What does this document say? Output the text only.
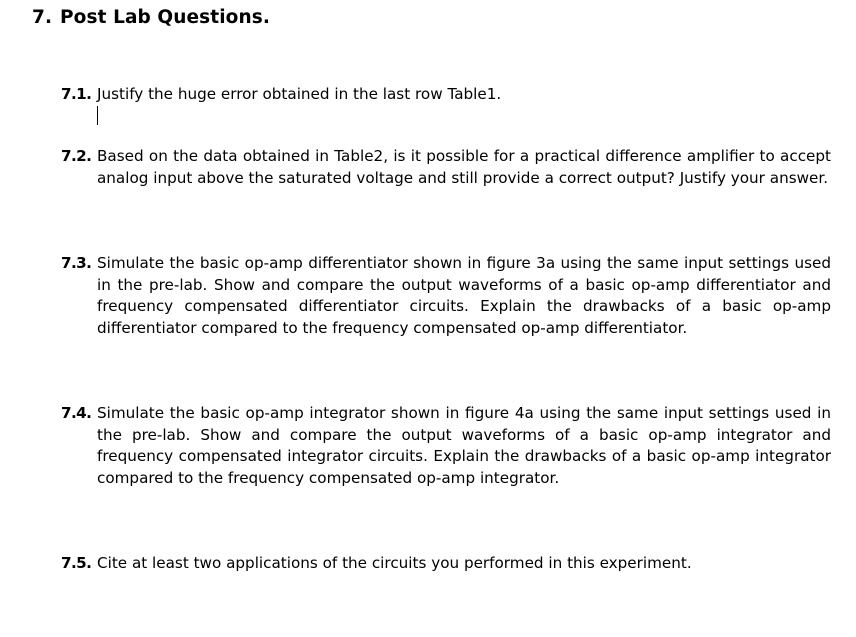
7. Post Lab Questions.
7.1. Justify the huge error obtained in the last row Table1.
7.2. Based on the data obtained in Table2, is it possible for a practical difference amplifier to accept analog input above the saturated voltage and still provide a correct output? Justify your answer.
7.3. Simulate the basic op-amp differentiator shown in figure 3a using the same input settings used in the pre-lab. Show and compare the output waveforms of a basic op-amp differentiator and frequency compensated differentiator circuits. Explain the drawbacks of a basic op-amp differentiator compared to the frequency compensated op-amp differentiator.
7.4. Simulate the basic op-amp integrator shown in figure 4a using the same input settings used in the pre-lab. Show and compare the output waveforms of a basic op-amp integrator and frequency compensated integrator circuits. Explain the drawbacks of a basic op-amp integrator compared to the frequency compensated op-amp integrator.
7.5. Cite at least two applications of the circuits you performed in this experiment.
